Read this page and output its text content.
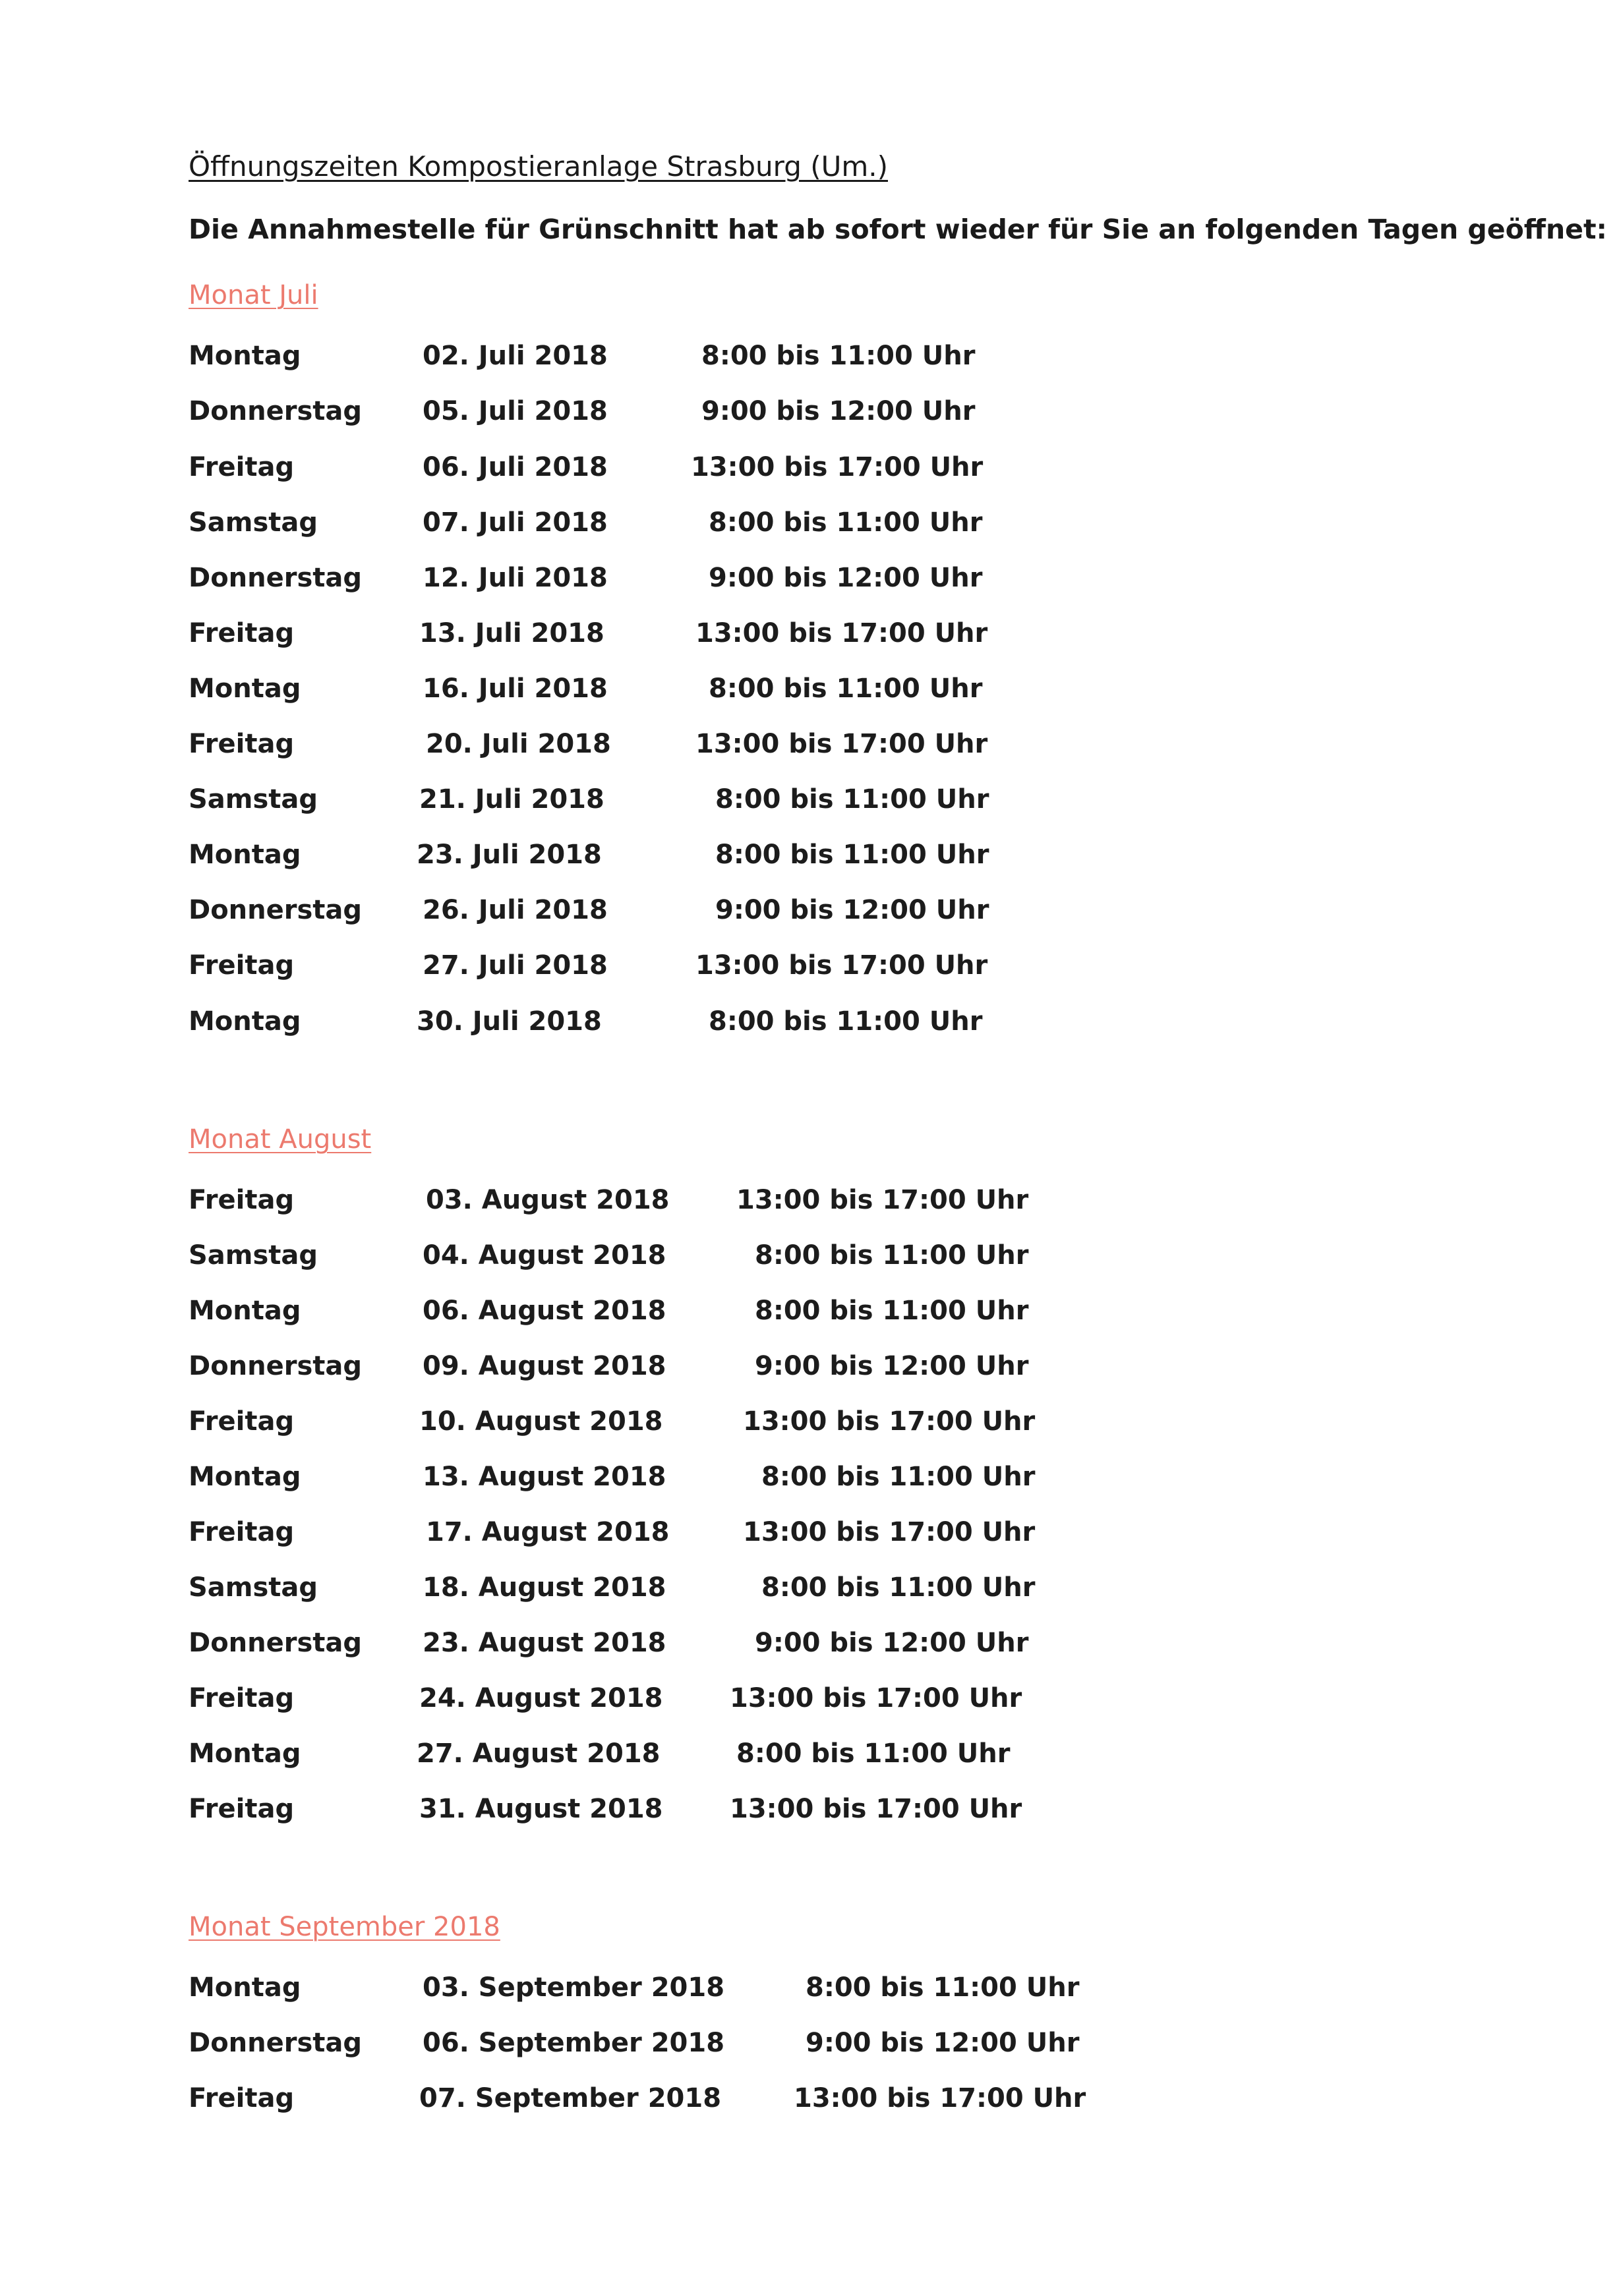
Öffnungszeiten Kompostieranlage Strasburg (Um.)
Die Annahmestelle für Grünschnitt hat ab sofort wieder für Sie an folgenden Tagen geöffnet:
Monat Juli
Montag	02. Juli 2018	8:00 bis 11:00 Uhr
Donnerstag 05. Juli 2018	9:00 bis 12:00 Uhr
Freitag	06. Juli 2018	13:00 bis 17:00 Uhr
Samstag	07. Juli 2018	8:00 bis 11:00 Uhr
Donnerstag 12. Juli 2018	9:00 bis 12:00 Uhr
Freitag	13. Juli 2018	13:00 bis 17:00 Uhr
Montag	16. Juli 2018	8:00 bis 11:00 Uhr
Freitag	20. Juli 2018	13:00 bis 17:00 Uhr
Samstag	21. Juli 2018	8:00 bis 11:00 Uhr
Montag	23. Juli 2018	8:00 bis 11:00 Uhr
Donnerstag 26. Juli 2018	9:00 bis 12:00 Uhr
Freitag	27. Juli 2018	13:00 bis 17:00 Uhr
Montag	30. Juli 2018	8:00 bis 11:00 Uhr
Monat August
Freitag	03. August 2018	13:00 bis 17:00 Uhr
Samstag	04. August 2018	8:00 bis 11:00 Uhr
Montag	06. August 2018	8:00 bis 11:00 Uhr
Donnerstag 09. August 2018	9:00 bis 12:00 Uhr
Freitag	10. August 2018	13:00 bis 17:00 Uhr
Montag	13. August 2018	8:00 bis 11:00 Uhr
Freitag	17. August 2018	13:00 bis 17:00 Uhr
Samstag	18. August 2018	8:00 bis 11:00 Uhr
Donnerstag 23. August 2018	9:00 bis 12:00 Uhr
Freitag	24. August 2018	13:00 bis 17:00 Uhr
Montag	27. August 2018	8:00 bis 11:00 Uhr
Freitag	31. August 2018	13:00 bis 17:00 Uhr
Monat September 2018
Montag	03. September 2018	8:00 bis 11:00 Uhr
Donnerstag 06. September 2018	9:00 bis 12:00 Uhr
Freitag	07. September 2018	13:00 bis 17:00 Uhr
